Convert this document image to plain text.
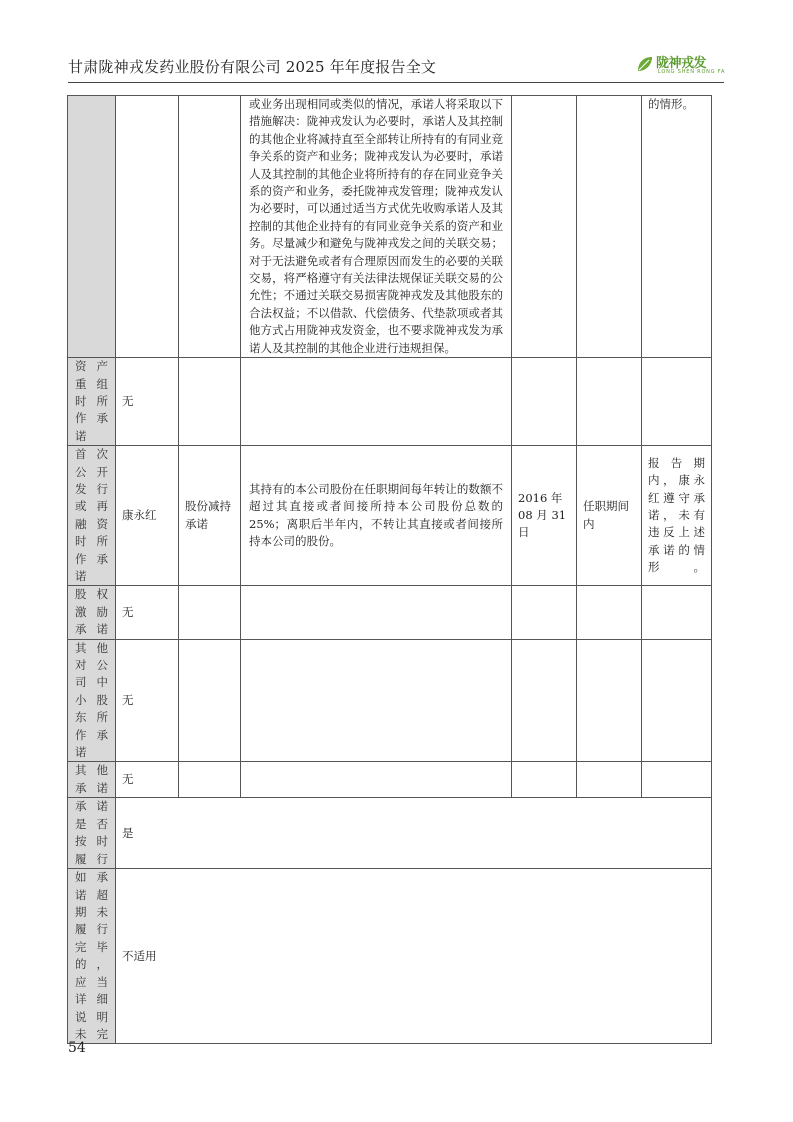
甘肃陇神戎发药业股份有限公司 2025 年年度报告全文	陇神戎发
LONG SHEN RONG FA

			或业务出现相同或类似的情况，承诺人将采取以下措施解决：陇神戎发认为必要时，承诺人及其控制的其他企业将减持直至全部转让所持有的有同业竞争关系的资产和业务；陇神戎发认为必要时，承诺人及其控制的其他企业将所持有的存在同业竞争关系的资产和业务，委托陇神戎发管理；陇神戎发认为必要时，可以通过适当方式优先收购承诺人及其控制的其他企业持有的有同业竞争关系的资产和业务。尽量减少和避免与陇神戎发之间的关联交易；对于无法避免或者有合理原因而发生的必要的关联交易，将严格遵守有关法律法规保证关联交易的公允性；不通过关联交易损害陇神戎发及其他股东的合法权益；不以借款、代偿债务、代垫款项或者其他方式占用陇神戎发资金，也不要求陇神戎发为承诺人及其控制的其他企业进行违规担保。			的情形。

资产重组时所作承诺	无					

首次公开发行或再融资时所作承诺	康永红	股份减持承诺	其持有的本公司股份在任职期间每年转让的数额不超过其直接或者间接所持本公司股份总数的25%；离职后半年内，不转让其直接或者间接所持本公司的股份。	2016 年 08 月 31 日	任职期间内	报告期内，康永红遵守承诺，未有违反上述承诺的情形。

股权激励承诺	无					

其他对公司中小股东所作承诺	无					

其他承诺	无					

承诺是否按时履行	是					

如承诺超期未履行完毕的，应当详细说明未完	不适用					
54
